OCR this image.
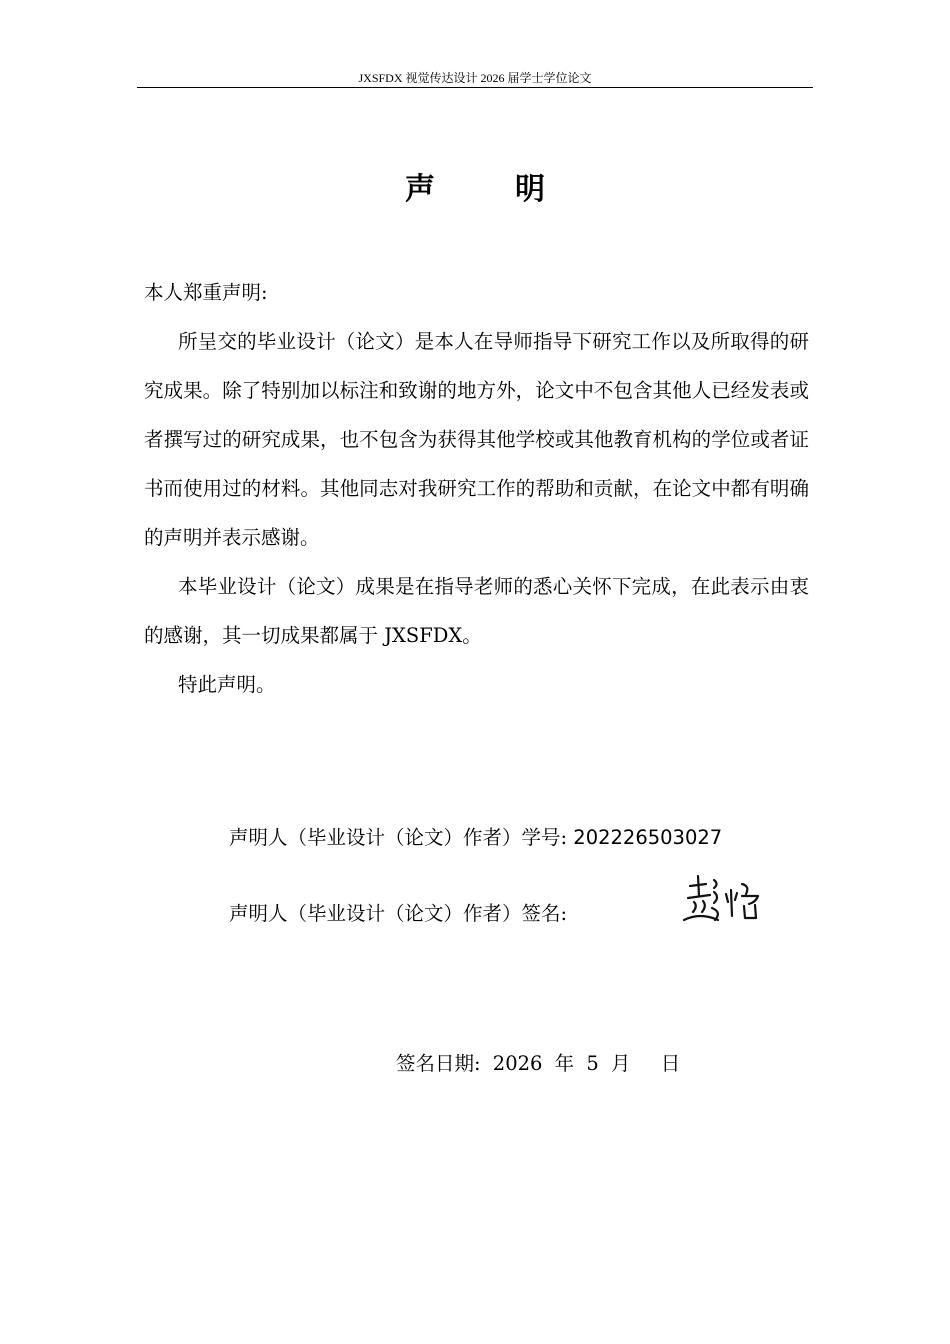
JXSFDX 视觉传达设计 2026 届学士学位论文
声明
本人郑重声明:
所呈交的毕业设计（论文）是本人在导师指导下研究工作以及所取得的研究成果。除了特别加以标注和致谢的地方外，论文中不包含其他人已经发表或者撰写过的研究成果，也不包含为获得其他学校或其他教育机构的学位或者证书而使用过的材料。其他同志对我研究工作的帮助和贡献，在论文中都有明确的声明并表示感谢。
本毕业设计（论文）成果是在指导老师的悉心关怀下完成，在此表示由衷的感谢，其一切成果都属于 JXSFDX。
特此声明。
声明人（毕业设计（论文）作者）学号: 202226503027
声明人（毕业设计（论文）作者）签名:
签名日期: 2026 年 5 月 日
